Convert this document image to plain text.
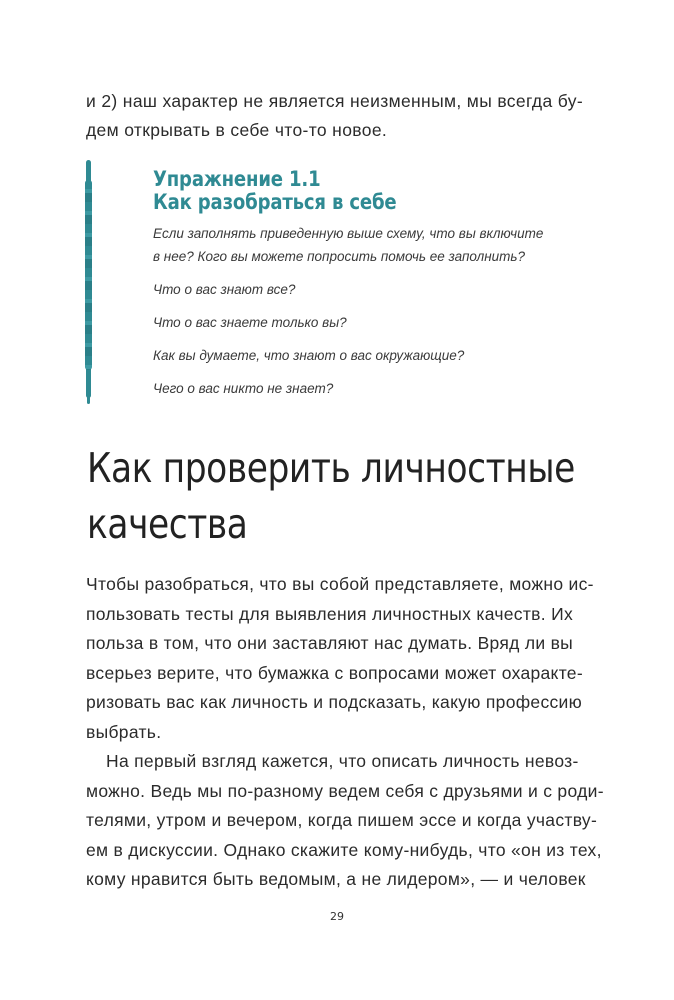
и 2) наш характер не является неизменным, мы всегда бу-
дем открывать в себе что-то новое.

Упражнение 1.1
Как разобраться в себе

Если заполнять приведенную выше схему, что вы включите
в нее? Кого вы можете попросить помочь ее заполнить?

Что о вас знают все?

Что о вас знаете только вы?

Как вы думаете, что знают о вас окружающие?

Чего о вас никто не знает?

Как проверить личностные
качества

Чтобы разобраться, что вы собой представляете, можно ис-
пользовать тесты для выявления личностных качеств. Их
польза в том, что они заставляют нас думать. Вряд ли вы
всерьез верите, что бумажка с вопросами может охаракте-
ризовать вас как личность и подсказать, какую профессию
выбрать.

На первый взгляд кажется, что описать личность невоз-
можно. Ведь мы по-разному ведем себя с друзьями и с роди-
телями, утром и вечером, когда пишем эссе и когда участву-
ем в дискуссии. Однако скажите кому-нибудь, что «он из тех,
кому нравится быть ведомым, а не лидером», — и человек

29
